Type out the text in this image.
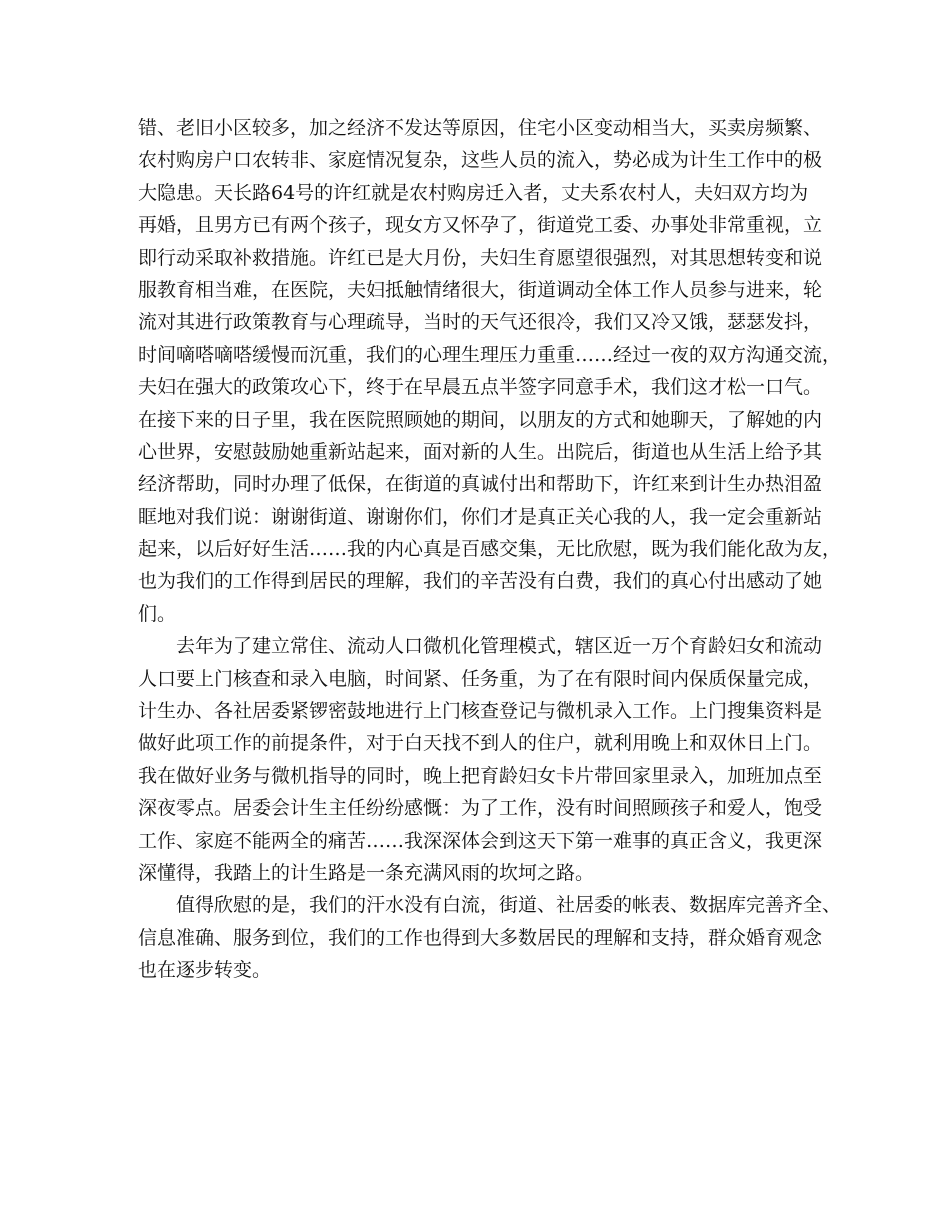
错、老旧小区较多，加之经济不发达等原因，住宅小区变动相当大，买卖房频繁、
农村购房户口农转非、家庭情况复杂，这些人员的流入，势必成为计生工作中的极
大隐患。天长路64号的许红就是农村购房迁入者，丈夫系农村人，夫妇双方均为
再婚，且男方已有两个孩子，现女方又怀孕了，街道党工委、办事处非常重视，立
即行动采取补救措施。许红已是大月份，夫妇生育愿望很强烈，对其思想转变和说
服教育相当难，在医院，夫妇抵触情绪很大，街道调动全体工作人员参与进来，轮
流对其进行政策教育与心理疏导，当时的天气还很冷，我们又冷又饿，瑟瑟发抖，
时间嘀嗒嘀嗒缓慢而沉重，我们的心理生理压力重重……经过一夜的双方沟通交流，
夫妇在强大的政策攻心下，终于在早晨五点半签字同意手术，我们这才松一口气。
在接下来的日子里，我在医院照顾她的期间，以朋友的方式和她聊天，了解她的内
心世界，安慰鼓励她重新站起来，面对新的人生。出院后，街道也从生活上给予其
经济帮助，同时办理了低保，在街道的真诚付出和帮助下，许红来到计生办热泪盈
眶地对我们说：谢谢街道、谢谢你们，你们才是真正关心我的人，我一定会重新站
起来，以后好好生活……我的内心真是百感交集，无比欣慰，既为我们能化敌为友，
也为我们的工作得到居民的理解，我们的辛苦没有白费，我们的真心付出感动了她
们。
去年为了建立常住、流动人口微机化管理模式，辖区近一万个育龄妇女和流动
人口要上门核查和录入电脑，时间紧、任务重，为了在有限时间内保质保量完成，
计生办、各社居委紧锣密鼓地进行上门核查登记与微机录入工作。上门搜集资料是
做好此项工作的前提条件，对于白天找不到人的住户，就利用晚上和双休日上门。
我在做好业务与微机指导的同时，晚上把育龄妇女卡片带回家里录入，加班加点至
深夜零点。居委会计生主任纷纷感慨：为了工作，没有时间照顾孩子和爱人，饱受
工作、家庭不能两全的痛苦……我深深体会到这天下第一难事的真正含义，我更深
深懂得，我踏上的计生路是一条充满风雨的坎坷之路。
值得欣慰的是，我们的汗水没有白流，街道、社居委的帐表、数据库完善齐全、
信息准确、服务到位，我们的工作也得到大多数居民的理解和支持，群众婚育观念
也在逐步转变。
